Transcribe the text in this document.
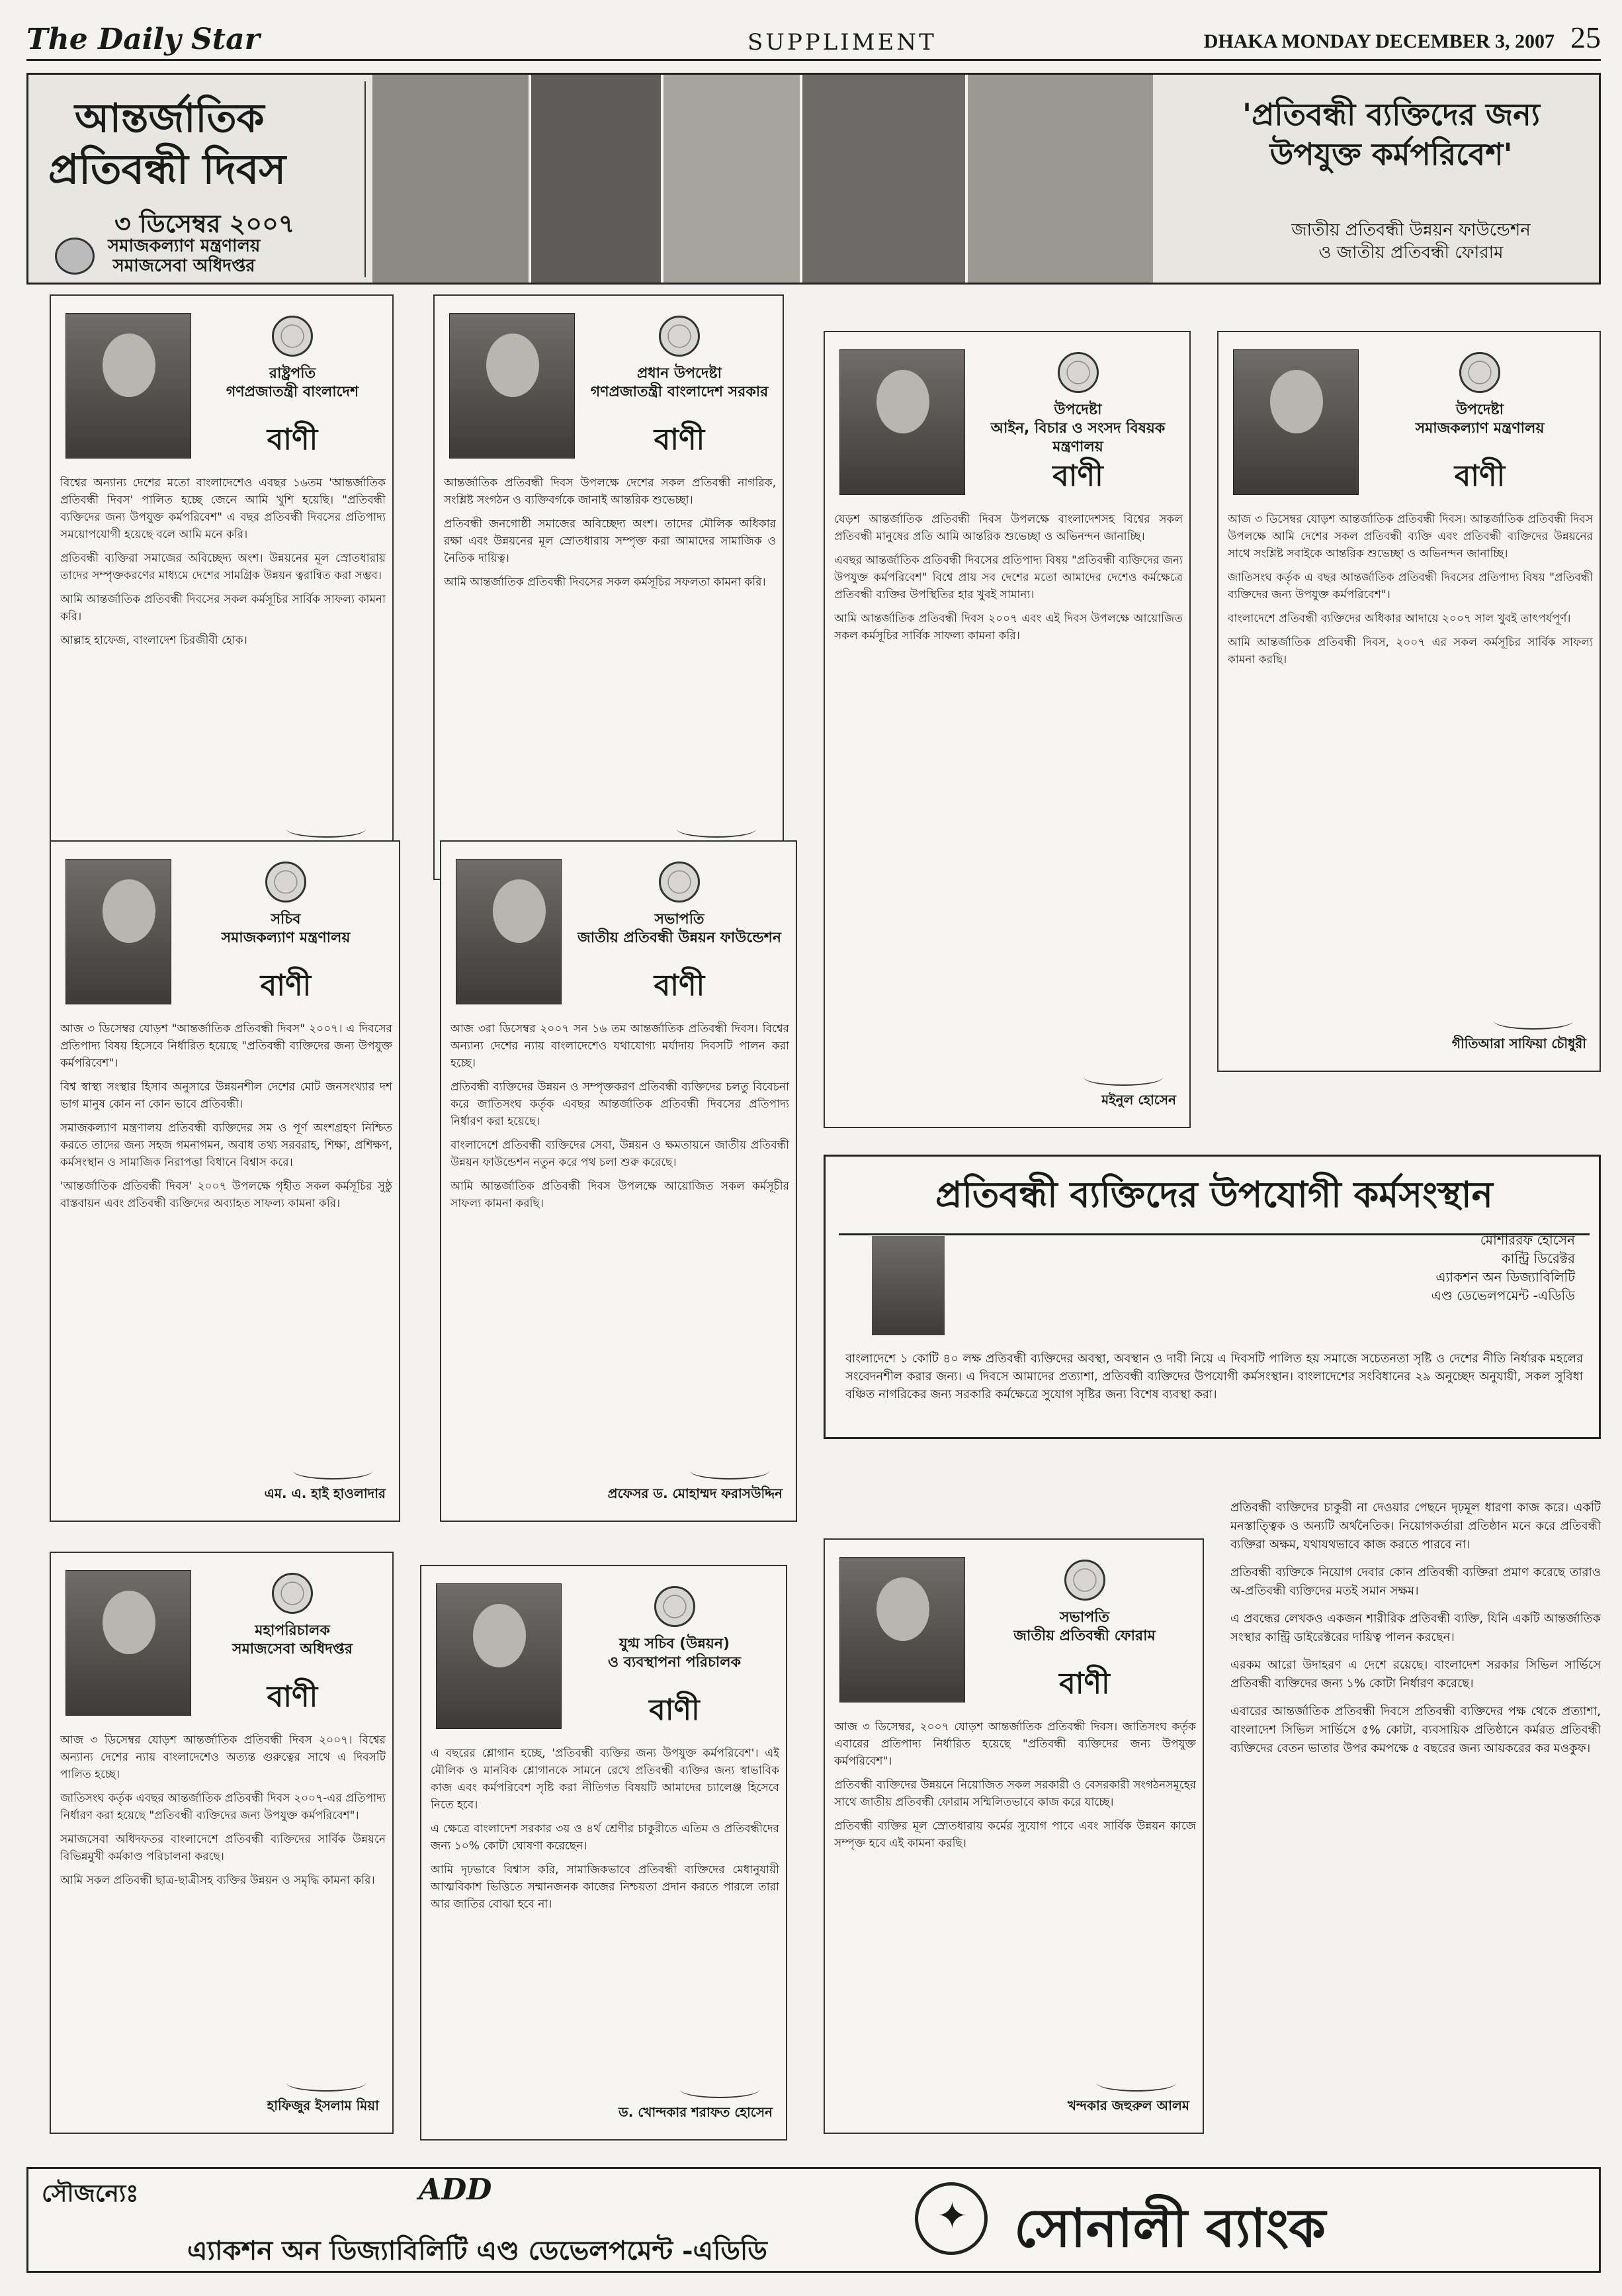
The Daily Star	SUPPLIMENT	DHAKA MONDAY DECEMBER 3, 2007 25
আন্তর্জাতিক
প্রতিবন্ধী দিবস
৩ ডিসেম্বর ২০০৭
সমাজকল্যাণ মন্ত্রণালয়
সমাজসেবা অধিদপ্তর
'প্রতিবন্ধী ব্যক্তিদের জন্য উপযুক্ত কর্মপরিবেশ'
জাতীয় প্রতিবন্ধী উন্নয়ন ফাউন্ডেশন
ও জাতীয় প্রতিবন্ধী ফোরাম
রাষ্ট্রপতি
গণপ্রজাতন্ত্রী বাংলাদেশ
বাণী

বিশ্বের অন্যান্য দেশের মতো বাংলাদেশেও এবছর ১৬তম 'আন্তর্জাতিক প্রতিবন্ধী দিবস' পালিত হচ্ছে জেনে আমি খুশি হয়েছি। "প্রতিবন্ধী ব্যক্তিদের জন্য উপযুক্ত কর্মপরিবেশ" এ বছর প্রতিবন্ধী দিবসের প্রতিপাদ্য সময়োপযোগী হয়েছে বলে আমি মনে করি।

প্রতিবন্ধী ব্যক্তিরা সমাজের অবিচ্ছেদ্য অংশ। উন্নয়নের মূল স্রোতধারায় তাদের সম্পৃক্তকরণের মাধ্যমে দেশের সামগ্রিক উন্নয়ন ত্বরান্বিত করা সম্ভব।

আমি আন্তর্জাতিক প্রতিবন্ধী দিবসের সকল কর্মসূচির সার্বিক সাফল্য কামনা করি।

আল্লাহ হাফেজ, বাংলাদেশ চিরজীবী হোক।

প্রধান উপদেষ্টা
গণপ্রজাতন্ত্রী বাংলাদেশ সরকার
বাণী

আন্তর্জাতিক প্রতিবন্ধী দিবস উপলক্ষে দেশের সকল প্রতিবন্ধী নাগরিক, সংশ্লিষ্ট সংগঠন ও ব্যক্তিবর্গকে জানাই আন্তরিক শুভেচ্ছা।

প্রতিবন্ধী জনগোষ্ঠী সমাজের অবিচ্ছেদ্য অংশ। তাদের মৌলিক অধিকার রক্ষা এবং উন্নয়নের মূল স্রোতধারায় সম্পৃক্ত করা আমাদের সামাজিক ও নৈতিক দায়িত্ব।

আমি আন্তর্জাতিক প্রতিবন্ধী দিবসের সকল কর্মসূচির সফলতা কামনা করি।

উপদেষ্টা
আইন, বিচার ও সংসদ বিষয়ক মন্ত্রণালয়
বাণী

যেড়শ আন্তর্জাতিক প্রতিবন্ধী দিবস উপলক্ষে বাংলাদেশসহ বিশ্বের সকল প্রতিবন্ধী মানুষের প্রতি আমি আন্তরিক শুভেচ্ছা ও অভিনন্দন জানাচ্ছি।

এবছর আন্তর্জাতিক প্রতিবন্ধী দিবসের প্রতিপাদ্য বিষয় "প্রতিবন্ধী ব্যক্তিদের জন্য উপযুক্ত কর্মপরিবেশ" বিশ্বে প্রায় সব দেশের মতো আমাদের দেশেও কর্মক্ষেত্রে প্রতিবন্ধী ব্যক্তির উপস্থিতির হার খুবই সামান্য।

আমি আন্তর্জাতিক প্রতিবন্ধী দিবস ২০০৭ এবং এই দিবস উপলক্ষে আয়োজিত সকল কর্মসূচির সার্বিক সাফল্য কামনা করি।

মইনুল হোসেন
উপদেষ্টা
সমাজকল্যাণ মন্ত্রণালয়
বাণী

আজ ৩ ডিসেম্বর যোড়শ আন্তর্জাতিক প্রতিবন্ধী দিবস। আন্তর্জাতিক প্রতিবন্ধী দিবস উপলক্ষে আমি দেশের সকল প্রতিবন্ধী ব্যক্তি এবং প্রতিবন্ধী ব্যক্তিদের উন্নয়নের সাথে সংশ্লিষ্ট সবাইকে আন্তরিক শুভেচ্ছা ও অভিনন্দন জানাচ্ছি।

জাতিসংঘ কর্তৃক এ বছর আন্তর্জাতিক প্রতিবন্ধী দিবসের প্রতিপাদ্য বিষয় "প্রতিবন্ধী ব্যক্তিদের জন্য উপযুক্ত কর্মপরিবেশ"।

বাংলাদেশে প্রতিবন্ধী ব্যক্তিদের অধিকার আদায়ে ২০০৭ সাল খুবই তাৎপর্যপূর্ণ।

আমি আন্তর্জাতিক প্রতিবন্ধী দিবস, ২০০৭ এর সকল কর্মসূচির সার্বিক সাফল্য কামনা করছি।

গীতিআরা সাফিয়া চৌধুরী
সচিব
সমাজকল্যাণ মন্ত্রণালয়
বাণী

আজ ৩ ডিসেম্বর যোড়শ "আন্তর্জাতিক প্রতিবন্ধী দিবস" ২০০৭। এ দিবসের প্রতিপাদ্য বিষয় হিসেবে নির্ধারিত হয়েছে "প্রতিবন্ধী ব্যক্তিদের জন্য উপযুক্ত কর্মপরিবেশ"।

বিশ্ব স্বাস্থ্য সংস্থার হিসাব অনুসারে উন্নয়নশীল দেশের মোট জনসংখ্যার দশ ভাগ মানুষ কোন না কোন ভাবে প্রতিবন্ধী।

সমাজকল্যাণ মন্ত্রণালয় প্রতিবন্ধী ব্যক্তিদের সম ও পূর্ণ অংশগ্রহণ নিশ্চিত করতে তাদের জন্য সহজ গমনাগমন, অবাধ তথ্য সরবরাহ, শিক্ষা, প্রশিক্ষণ, কর্মসংস্থান ও সামাজিক নিরাপত্তা বিধানে বিশ্বাস করে।

'আন্তর্জাতিক প্রতিবন্ধী দিবস' ২০০৭ উপলক্ষে গৃহীত সকল কর্মসূচির সুষ্ঠু বাস্তবায়ন এবং প্রতিবন্ধী ব্যক্তিদের অব্যাহত সাফল্য কামনা করি।

এম. এ. হাই হাওলাদার
সভাপতি
জাতীয় প্রতিবন্ধী উন্নয়ন ফাউন্ডেশন
বাণী

আজ ৩রা ডিসেম্বর ২০০৭ সন ১৬ তম আন্তর্জাতিক প্রতিবন্ধী দিবস। বিশ্বের অন্যান্য দেশের ন্যায় বাংলাদেশেও যথাযোগ্য মর্যাদায় দিবসটি পালন করা হচ্ছে।

প্রতিবন্ধী ব্যক্তিদের উন্নয়ন ও সম্পৃক্তকরণ প্রতিবন্ধী ব্যক্তিদের চলতু বিবেচনা করে জাতিসংঘ কর্তৃক এবছর আন্তর্জাতিক প্রতিবন্ধী দিবসের প্রতিপাদ্য নির্ধারণ করা হয়েছে।

বাংলাদেশে প্রতিবন্ধী ব্যক্তিদের সেবা, উন্নয়ন ও ক্ষমতায়নে জাতীয় প্রতিবন্ধী উন্নয়ন ফাউন্ডেশন নতুন করে পথ চলা শুরু করেছে।

আমি আন্তর্জাতিক প্রতিবন্ধী দিবস উপলক্ষে আয়োজিত সকল কর্মসূচীর সাফল্য কামনা করছি।

প্রফেসর ড. মোহাম্মদ ফরাসউদ্দিন
মহাপরিচালক
সমাজসেবা অধিদপ্তর
বাণী

আজ ৩ ডিসেম্বর যোড়শ আন্তর্জাতিক প্রতিবন্ধী দিবস ২০০৭। বিশ্বের অন্যান্য দেশের ন্যায় বাংলাদেশেও অত্যন্ত গুরুত্বের সাথে এ দিবসটি পালিত হচ্ছে।

জাতিসংঘ কর্তৃক এবছর আন্তর্জাতিক প্রতিবন্ধী দিবস ২০০৭-এর প্রতিপাদ্য নির্ধারণ করা হয়েছে "প্রতিবন্ধী ব্যক্তিদের জন্য উপযুক্ত কর্মপরিবেশ"।

সমাজসেবা অধিদফতর বাংলাদেশে প্রতিবন্ধী ব্যক্তিদের সার্বিক উন্নয়নে বিভিন্নমুখী কর্মকাণ্ড পরিচালনা করছে।

আমি সকল প্রতিবন্ধী ছাত্র-ছাত্রীসহ ব্যক্তির উন্নয়ন ও সমৃদ্ধি কামনা করি।

হাফিজুর ইসলাম মিয়া
যুগ্ম সচিব (উন্নয়ন)
ও ব্যবস্থাপনা পরিচালক
বাণী

এ বছরের শ্লোগান হচ্ছে, 'প্রতিবন্ধী ব্যক্তির জন্য উপযুক্ত কর্মপরিবেশ'। এই মৌলিক ও মানবিক শ্লোগানকে সামনে রেখে প্রতিবন্ধী ব্যক্তির জন্য স্বাভাবিক কাজ এবং কর্মপরিবেশ সৃষ্টি করা নীতিগত বিষয়টি আমাদের চ্যালেঞ্জ হিসেবে নিতে হবে।

এ ক্ষেত্রে বাংলাদেশ সরকার ৩য় ও ৪র্থ শ্রেণীর চাকুরীতে এতিম ও প্রতিবন্ধীদের জন্য ১০% কোটা ঘোষণা করেছেন।

আমি দৃঢ়ভাবে বিশ্বাস করি, সামাজিকভাবে প্রতিবন্ধী ব্যক্তিদের মেধানুযায়ী আত্মবিকাশ ভিত্তিতে সম্মানজনক কাজের নিশ্চয়তা প্রদান করতে পারলে তারা আর জাতির বোঝা হবে না।

ড. খোন্দকার শরাফত হোসেন
সভাপতি
জাতীয় প্রতিবন্ধী ফোরাম
বাণী

আজ ৩ ডিসেম্বর, ২০০৭ যোড়শ আন্তর্জাতিক প্রতিবন্ধী দিবস। জাতিসংঘ কর্তৃক এবারের প্রতিপাদ্য নির্ধারিত হয়েছে "প্রতিবন্ধী ব্যক্তিদের জন্য উপযুক্ত কর্মপরিবেশ"।

প্রতিবন্ধী ব্যক্তিদের উন্নয়নে নিয়োজিত সকল সরকারী ও বেসরকারী সংগঠনসমূহের সাথে জাতীয় প্রতিবন্ধী ফোরাম সম্মিলিতভাবে কাজ করে যাচ্ছে।

প্রতিবন্ধী ব্যক্তির মূল স্রোতধারায় কর্মের সুযোগ পাবে এবং সার্বিক উন্নয়ন কাজে সম্পৃক্ত হবে এই কামনা করছি।

খন্দকার জহুরুল আলম
প্রতিবন্ধী ব্যক্তিদের উপযোগী কর্মসংস্থান
মোশাররফ হোসেন
কান্ট্রি ডিরেক্টর
এ্যাকশন অন ডিজ্যাবিলিটি এণ্ড ডেভেলপমেন্ট -এডিডি
বাংলাদেশে ১ কোটি ৪০ লক্ষ প্রতিবন্ধী ব্যক্তিদের অবস্থা, অবস্থান ও দাবী নিয়ে এ দিবসটি পালিত হয় সমাজে সচেতনতা সৃষ্টি ও দেশের নীতি নির্ধারক মহলের সংবেদনশীল করার জন্য। এ দিবসে আমাদের প্রত্যাশা, প্রতিবন্ধী ব্যক্তিদের উপযোগী কর্মসংস্থান। বাংলাদেশের সংবিধানের ২৯ অনুচ্ছেদ অনুযায়ী, সকল সুবিধা বঞ্চিত নাগরিকের জন্য সরকারি কর্মক্ষেত্রে সুযোগ সৃষ্টির জন্য বিশেষ ব্যবস্থা করা।

প্রতিবন্ধী ব্যক্তিদের চাকুরী না দেওয়ার পেছনে দৃঢ়মূল ধারণা কাজ করে। একটি মনস্তাত্ত্বিক ও অন্যটি অর্থনৈতিক। নিয়োগকর্তারা প্রতিষ্ঠান মনে করে প্রতিবন্ধী ব্যক্তিরা অক্ষম, যথাযথভাবে কাজ করতে পারবে না।

প্রতিবন্ধী ব্যক্তিকে নিয়োগ দেবার কোন প্রতিবন্ধী ব্যক্তিরা প্রমাণ করেছে তারাও অ-প্রতিবন্ধী ব্যক্তিদের মতই সমান সক্ষম।

এ প্রবন্ধের লেখকও একজন শারীরিক প্রতিবন্ধী ব্যক্তি, যিনি একটি আন্তর্জাতিক সংস্থার কান্ট্রি ডাইরেক্টরের দায়িত্ব পালন করছেন।

এরকম আরো উদাহরণ এ দেশে রয়েছে। বাংলাদেশ সরকার সিভিল সার্ভিসে প্রতিবন্ধী ব্যক্তিদের জন্য ১% কোটা নির্ধারণ করেছে।

এবারের আন্তর্জাতিক প্রতিবন্ধী দিবসে প্রতিবন্ধী ব্যক্তিদের পক্ষ থেকে প্রত্যাশা, বাংলাদেশ সিভিল সার্ভিসে ৫% কোটা, ব্যবসায়িক প্রতিষ্ঠানে কর্মরত প্রতিবন্ধী ব্যক্তিদের বেতন ভাতার উপর কমপক্ষে ৫ বছরের জন্য আয়করের কর মওকুফ।

সৌজন্যেঃ	ADD
এ্যাকশন অন ডিজ্যাবিলিটি এণ্ড ডেভেলপমেন্ট -এডিডি
✦	সোনালী ব্যাংক
